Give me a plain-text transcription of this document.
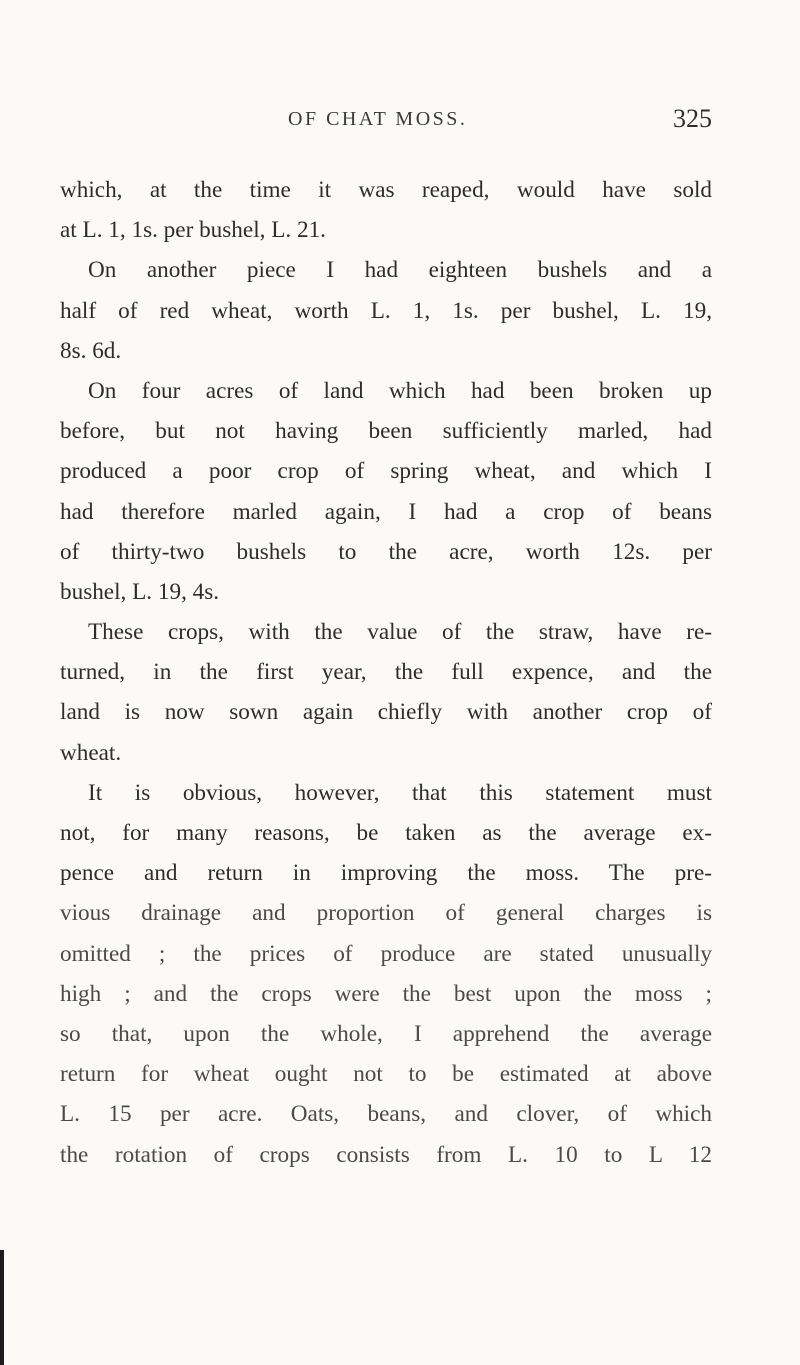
OF CHAT MOSS.	325
which, at the time it was reaped, would have sold
at L. 1, 1s. per bushel, L. 21.
On another piece I had eighteen bushels and a
half of red wheat, worth L. 1, 1s. per bushel, L. 19,
8s. 6d.
On four acres of land which had been broken up
before, but not having been sufficiently marled, had
produced a poor crop of spring wheat, and which I
had therefore marled again, I had a crop of beans
of thirty-two bushels to the acre, worth 12s. per
bushel, L. 19, 4s.
These crops, with the value of the straw, have re-
turned, in the first year, the full expence, and the
land is now sown again chiefly with another crop of
wheat.
It is obvious, however, that this statement must
not, for many reasons, be taken as the average ex-
pence and return in improving the moss. The pre-
vious drainage and proportion of general charges is
omitted ; the prices of produce are stated unusually
high ; and the crops were the best upon the moss ;
so that, upon the whole, I apprehend the average
return for wheat ought not to be estimated at above
L. 15 per acre. Oats, beans, and clover, of which
the rotation of crops consists from L. 10 to L 12
